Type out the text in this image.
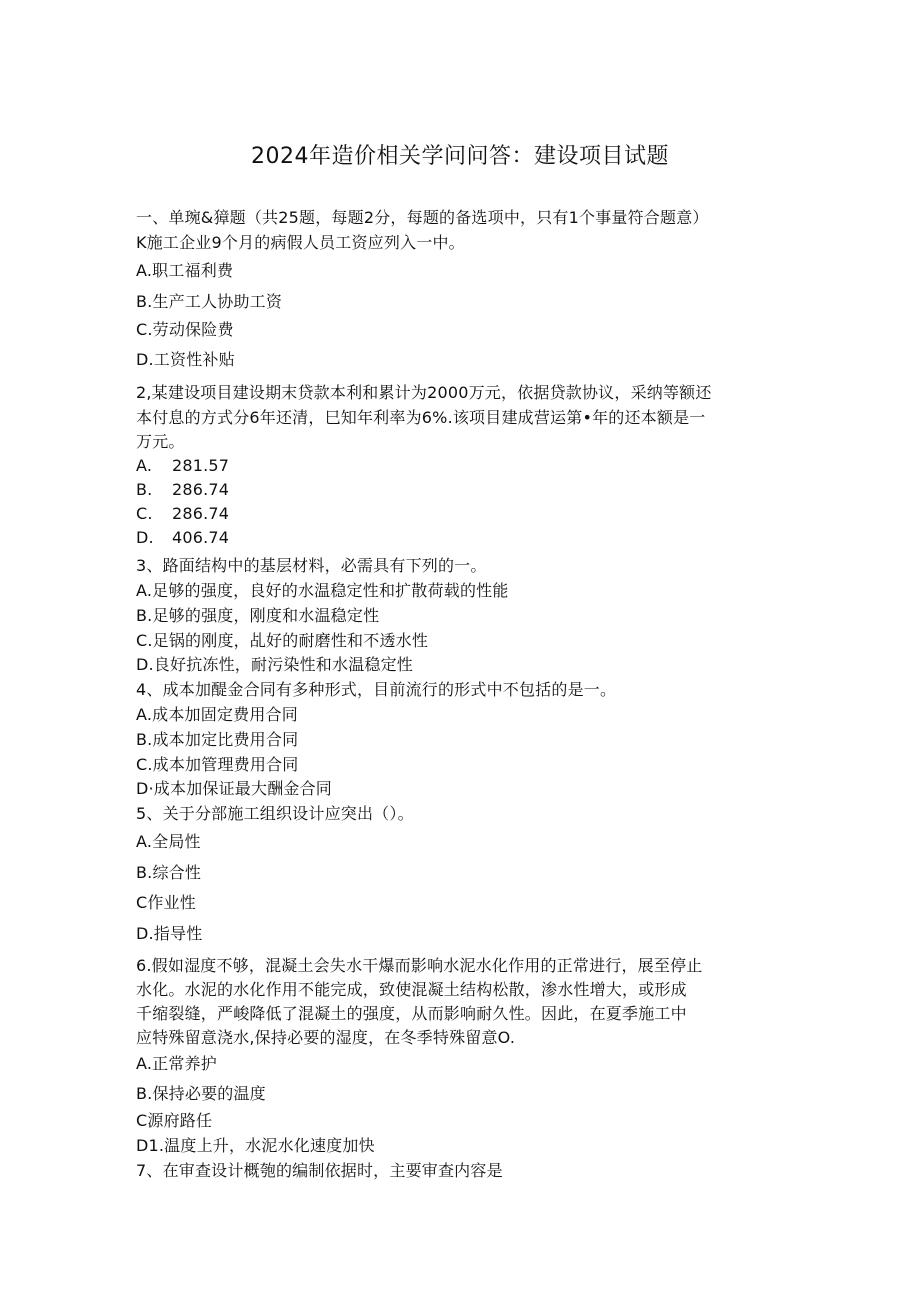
2024年造价相关学问问答：建设项目试题
一、单琬&獐题（共25题，每题2分，每题的备选项中，只有1个事量符合题意）
K施工企业9个月的病假人员工资应列入一中。
A.职工福利费
B.生产工人协助工资
C.劳动保险费
D.工资性补贴
2,某建设项目建设期末贷款本利和累计为2000万元，依据贷款协议，采纳等额还
本付息的方式分6年还清，巳知年利率为6%.该项目建成营运第•年的还本额是一
万元。
A. 281.57
B. 286.74
C. 286.74
D. 406.74
3、路面结构中的基层材料，必需具有下列的一。
A.足够的强度，良好的水温稳定性和扩散荷载的性能
B.足够的强度，刚度和水温稳定性
C.足锅的刚度，乩好的耐磨性和不透水性
D.良好抗冻性，耐污染性和水温稳定性
4、成本加醍金合同有多种形式，目前流行的形式中不包括的是一。
A.成本加固定费用合同
B.成本加定比费用合同
C.成本加管理费用合同
D·成本加保证最大酬金合同
5、关于分部施工组织设计应突出（）。
A.全局性
B.综合性
C作业性
D.指导性
6.假如湿度不够，混凝土会失水干爆而影响水泥水化作用的正常进行，展至停止
水化。水泥的水化作用不能完成，致使混凝土结构松散，渗水性增大，或形成
千缩裂缝，严峻降低了混凝土的强度，从而影响耐久性。因此，在夏季施工中
应特殊留意浇水,保持必要的湿度，在冬季特殊留意O.
A.正常养护
B.保持必要的温度
C源府路任
D1.温度上升，水泥水化速度加快
7、在审查设计概匏的编制依据时，主要审查内容是
